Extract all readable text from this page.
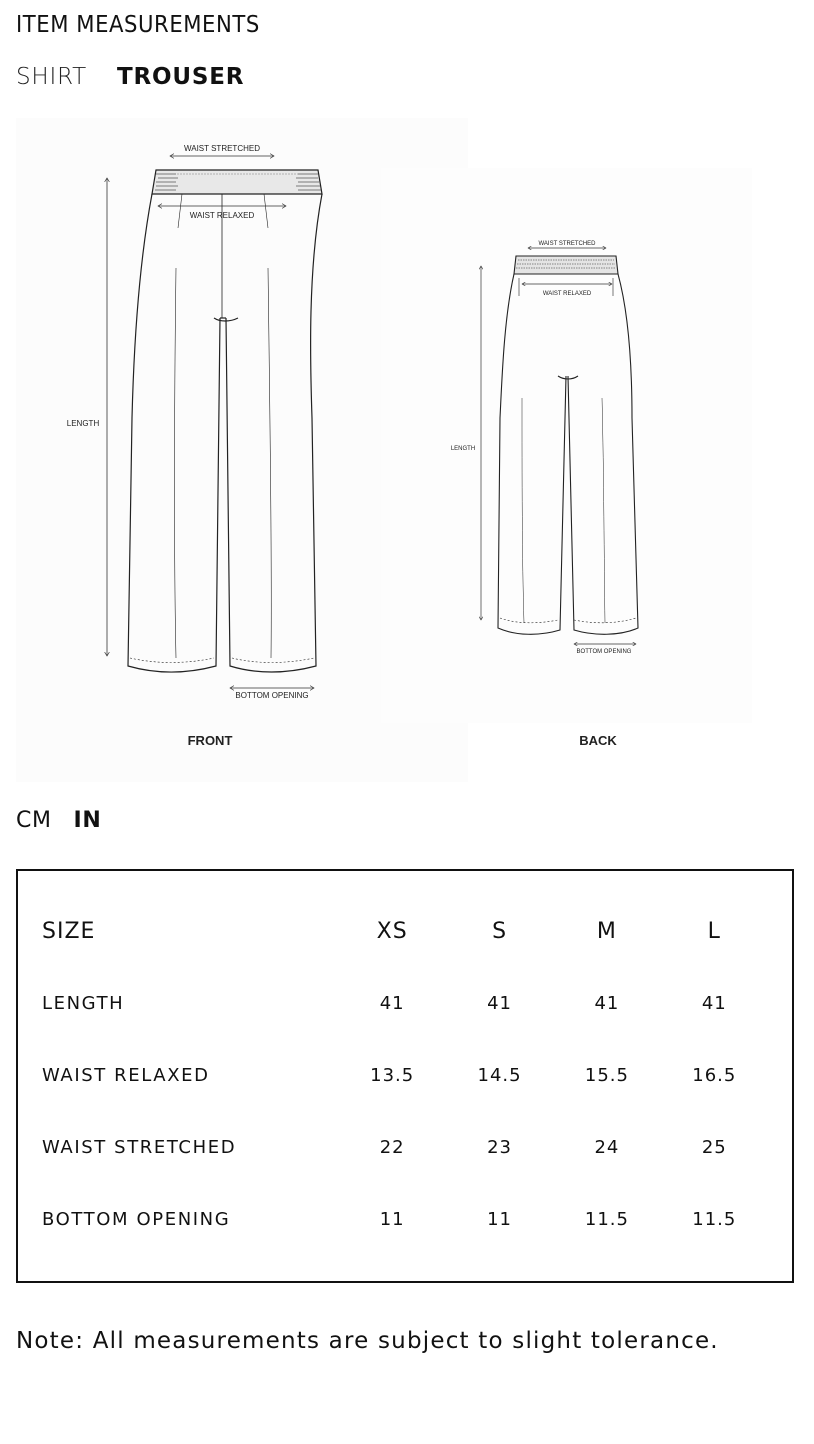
ITEM MEASUREMENTS
SHIRT TROUSER
WAIST STRETCHED
WAIST RELAXED
LENGTH
BOTTOM OPENING
FRONT
WAIST STRETCHED
WAIST RELAXED
LENGTH
BOTTOM OPENING
BACK
CM IN
SIZE	XS	S	M	L
LENGTH	41	41	41	41
WAIST RELAXED	13.5	14.5	15.5	16.5
WAIST STRETCHED	22	23	24	25
BOTTOM OPENING	11	11	11.5	11.5
Note: All measurements are subject to slight tolerance.
